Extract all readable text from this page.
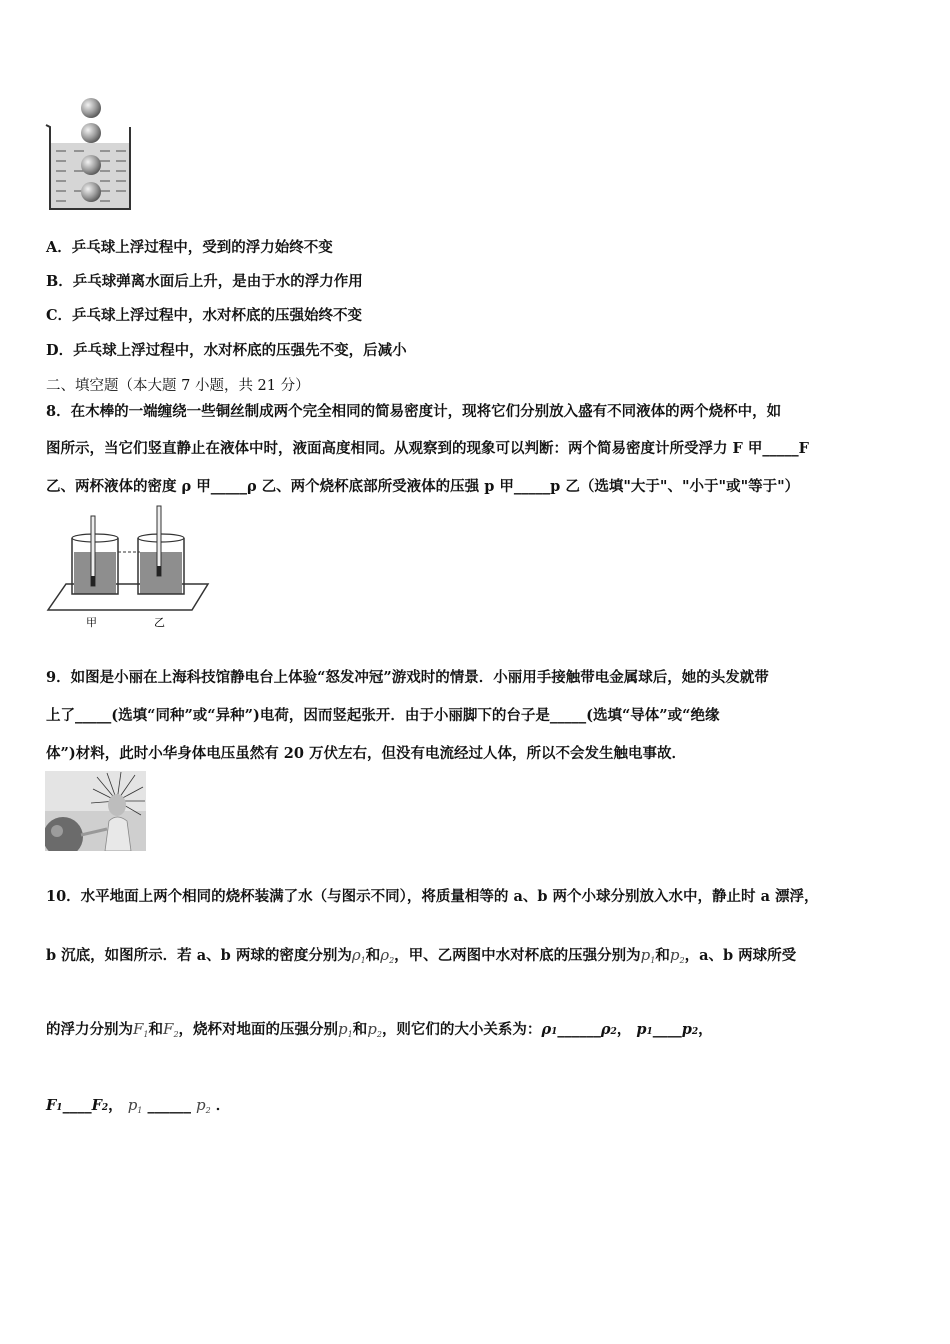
A．乒乓球上浮过程中，受到的浮力始终不变
B．乒乓球弹离水面后上升，是由于水的浮力作用
C．乒乓球上浮过程中，水对杯底的压强始终不变
D．乒乓球上浮过程中，水对杯底的压强先不变，后减小
二、填空题（本大题 7 小题，共 21 分）
8．在木棒的一端缠绕一些铜丝制成两个完全相同的简易密度计，现将它们分别放入盛有不同液体的两个烧杯中，如
图所示，当它们竖直静止在液体中时，液面高度相同。从观察到的现象可以判断：两个简易密度计所受浮力 F 甲_____F
乙、两杯液体的密度 ρ 甲_____ρ 乙、两个烧杯底部所受液体的压强 p 甲_____p 乙（选填"大于"、"小于"或"等于"）
甲	乙
9．如图是小丽在上海科技馆静电台上体验“怒发冲冠”游戏时的情景．小丽用手接触带电金属球后，她的头发就带
上了_____(选填“同种”或“异种”)电荷，因而竖起张开．由于小丽脚下的台子是_____(选填“导体”或“绝缘
体”)材料，此时小华身体电压虽然有 20 万伏左右，但没有电流经过人体，所以不会发生触电事故．
10．水平地面上两个相同的烧杯装满了水（与图示不同），将质量相等的 a、b 两个小球分别放入水中，静止时 a 漂浮，
b 沉底，如图所示．若 a、b 两球的密度分别为$\rho_1$和$\rho_2$，甲、乙两图中水对杯底的压强分别为$p_1$和$p_2$，a、b 两球所受
的浮力分别为$F_1$和$F_2$，烧杯对地面的压强分别$p_1$和$p_2$，则它们的大小关系为：ρ1______ρ2， p1____p2，
F1____F2， $p_1$ ______ $p_2$ ．
